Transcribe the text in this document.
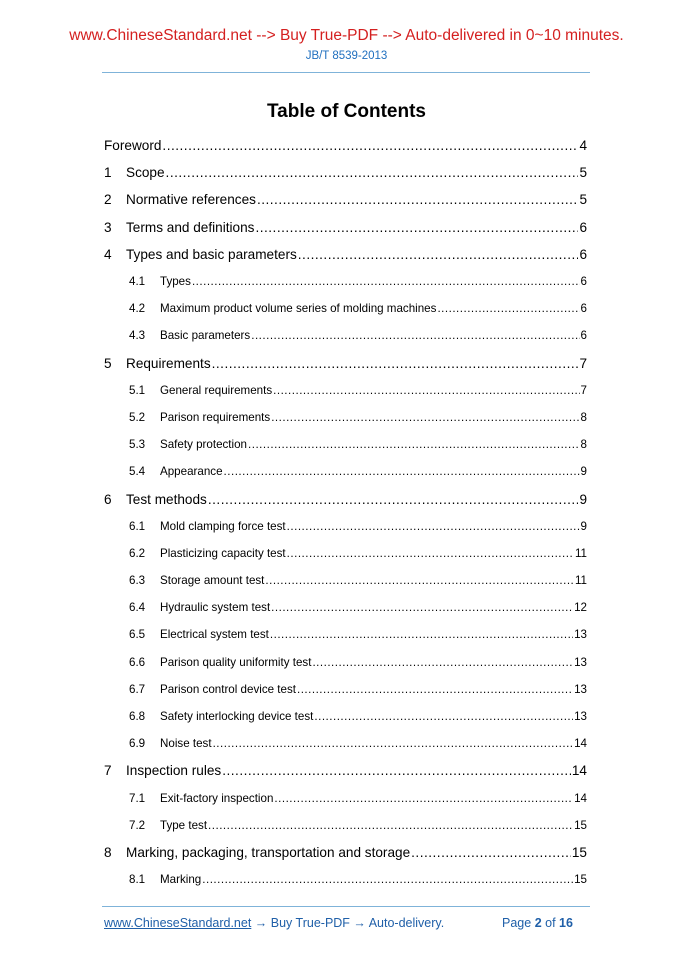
www.ChineseStandard.net --> Buy True-PDF --> Auto-delivered in 0~10 minutes.
JB/T 8539-2013
Table of Contents
Foreword .....	4
1	Scope .....	5
2	Normative references .....	5
3	Terms and definitions .....	6
4	Types and basic parameters .....	6
4.1	Types .....	6
4.2	Maximum product volume series of molding machines .....	6
4.3	Basic parameters .....	6
5	Requirements .....	7
5.1	General requirements .....	7
5.2	Parison requirements .....	8
5.3	Safety protection .....	8
5.4	Appearance .....	9
6	Test methods .....	9
6.1	Mold clamping force test .....	9
6.2	Plasticizing capacity test .....	11
6.3	Storage amount test .....	11
6.4	Hydraulic system test .....	12
6.5	Electrical system test .....	13
6.6	Parison quality uniformity test .....	13
6.7	Parison control device test .....	13
6.8	Safety interlocking device test .....	13
6.9	Noise test .....	14
7	Inspection rules .....	14
7.1	Exit-factory inspection .....	14
7.2	Type test .....	15
8	Marking, packaging, transportation and storage .....	15
8.1	Marking .....	15
www.ChineseStandard.net → Buy True-PDF → Auto-delivery.	Page 2 of 16
